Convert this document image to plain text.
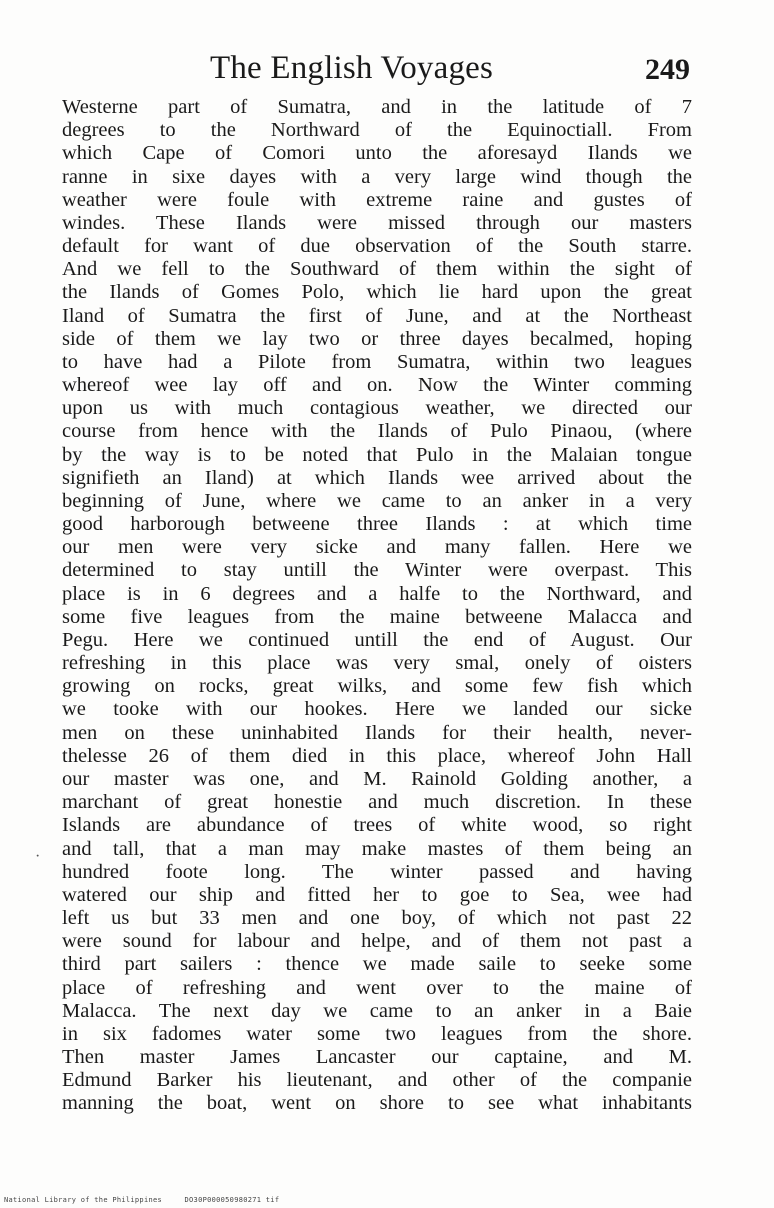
The English Voyages	249
Westerne part of Sumatra, and in the latitude of 7
degrees to the Northward of the Equinoctiall. From
which Cape of Comori unto the aforesayd Ilands we
ranne in sixe dayes with a very large wind though the
weather were foule with extreme raine and gustes of
windes. These Ilands were missed through our masters
default for want of due observation of the South starre.
And we fell to the Southward of them within the sight of
the Ilands of Gomes Polo, which lie hard upon the great
Iland of Sumatra the first of June, and at the Northeast
side of them we lay two or three dayes becalmed, hoping
to have had a Pilote from Sumatra, within two leagues
whereof wee lay off and on. Now the Winter comming
upon us with much contagious weather, we directed our
course from hence with the Ilands of Pulo Pinaou, (where
by the way is to be noted that Pulo in the Malaian tongue
signifieth an Iland) at which Ilands wee arrived about the
beginning of June, where we came to an anker in a very
good harborough betweene three Ilands : at which time
our men were very sicke and many fallen. Here we
determined to stay untill the Winter were overpast. This
place is in 6 degrees and a halfe to the Northward, and
some five leagues from the maine betweene Malacca and
Pegu. Here we continued untill the end of August. Our
refreshing in this place was very smal, onely of oisters
growing on rocks, great wilks, and some few fish which
we tooke with our hookes. Here we landed our sicke
men on these uninhabited Ilands for their health, never-
thelesse 26 of them died in this place, whereof John Hall
our master was one, and M. Rainold Golding another, a
marchant of great honestie and much discretion. In these
Islands are abundance of trees of white wood, so right
and tall, that a man may make mastes of them being an
hundred foote long. The winter passed and having
watered our ship and fitted her to goe to Sea, wee had
left us but 33 men and one boy, of which not past 22
were sound for labour and helpe, and of them not past a
third part sailers : thence we made saile to seeke some
place of refreshing and went over to the maine of
Malacca. The next day we came to an anker in a Baie
in six fadomes water some two leagues from the shore.
Then master James Lancaster our captaine, and M.
Edmund Barker his lieutenant, and other of the companie
manning the boat, went on shore to see what inhabitants
·
National Library of the Philippines	DO30P000050980271 tif
